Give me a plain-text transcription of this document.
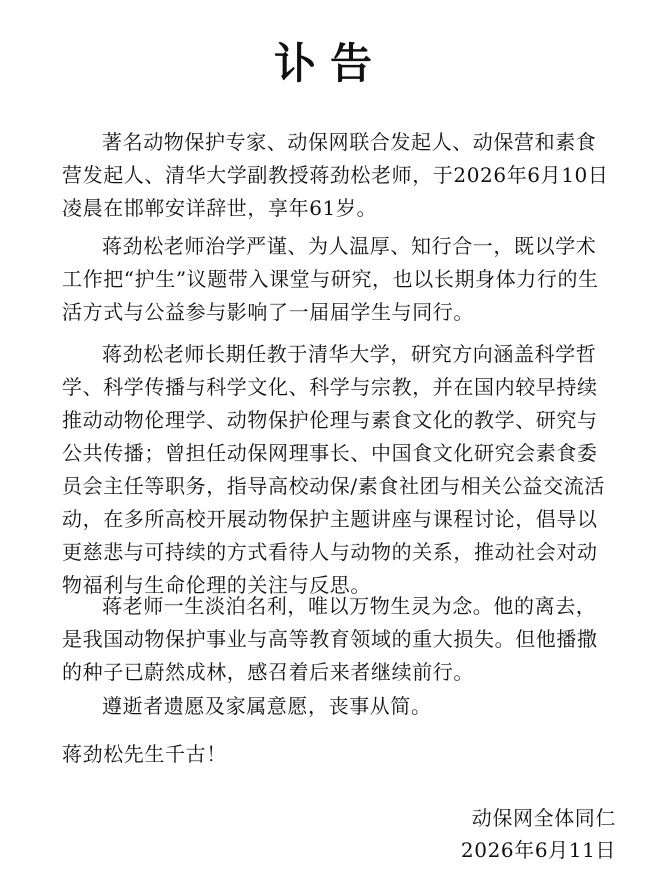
讣告

著名动物保护专家、动保网联合发起人、动保营和素食营发起人、清华大学副教授蒋劲松老师，于2026年6月10日凌晨在邯郸安详辞世，享年61岁。

蒋劲松老师治学严谨、为人温厚、知行合一，既以学术工作把“护生”议题带入课堂与研究，也以长期身体力行的生活方式与公益参与影响了一届届学生与同行。

蒋劲松老师长期任教于清华大学，研究方向涵盖科学哲学、科学传播与科学文化、科学与宗教，并在国内较早持续推动动物伦理学、动物保护伦理与素食文化的教学、研究与公共传播；曾担任动保网理事长、中国食文化研究会素食委员会主任等职务，指导高校动保/素食社团与相关公益交流活动，在多所高校开展动物保护主题讲座与课程讨论，倡导以更慈悲与可持续的方式看待人与动物的关系，推动社会对动物福利与生命伦理的关注与反思。

蒋老师一生淡泊名利，唯以万物生灵为念。他的离去，是我国动物保护事业与高等教育领域的重大损失。但他播撒的种子已蔚然成林，感召着后来者继续前行。

遵逝者遗愿及家属意愿，丧事从简。

蒋劲松先生千古！

动保网全体同仁

2026年6月11日
